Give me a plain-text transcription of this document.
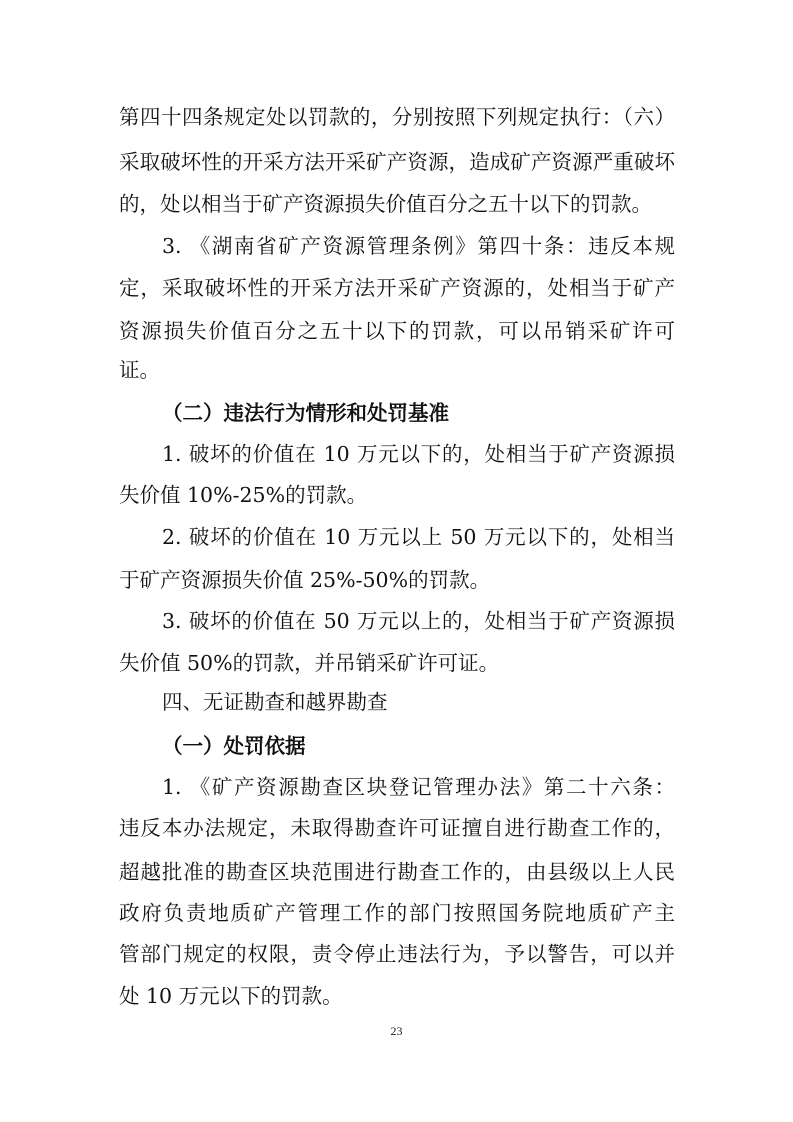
第四十四条规定处以罚款的，分别按照下列规定执行：（六）
采取破坏性的开采方法开采矿产资源，造成矿产资源严重破坏
的，处以相当于矿产资源损失价值百分之五十以下的罚款。
3. 《湖南省矿产资源管理条例》第四十条：违反本规
定，采取破坏性的开采方法开采矿产资源的，处相当于矿产
资源损失价值百分之五十以下的罚款，可以吊销采矿许可
证。
（二）违法行为情形和处罚基准
1. 破坏的价值在 10 万元以下的，处相当于矿产资源损
失价值 10%-25%的罚款。
2. 破坏的价值在 10 万元以上 50 万元以下的，处相当
于矿产资源损失价值 25%-50%的罚款。
3. 破坏的价值在 50 万元以上的，处相当于矿产资源损
失价值 50%的罚款，并吊销采矿许可证。
四、无证勘查和越界勘查
（一）处罚依据
1. 《矿产资源勘查区块登记管理办法》第二十六条：
违反本办法规定，未取得勘查许可证擅自进行勘查工作的，
超越批准的勘查区块范围进行勘查工作的，由县级以上人民
政府负责地质矿产管理工作的部门按照国务院地质矿产主
管部门规定的权限，责令停止违法行为，予以警告，可以并
处 10 万元以下的罚款。
23
